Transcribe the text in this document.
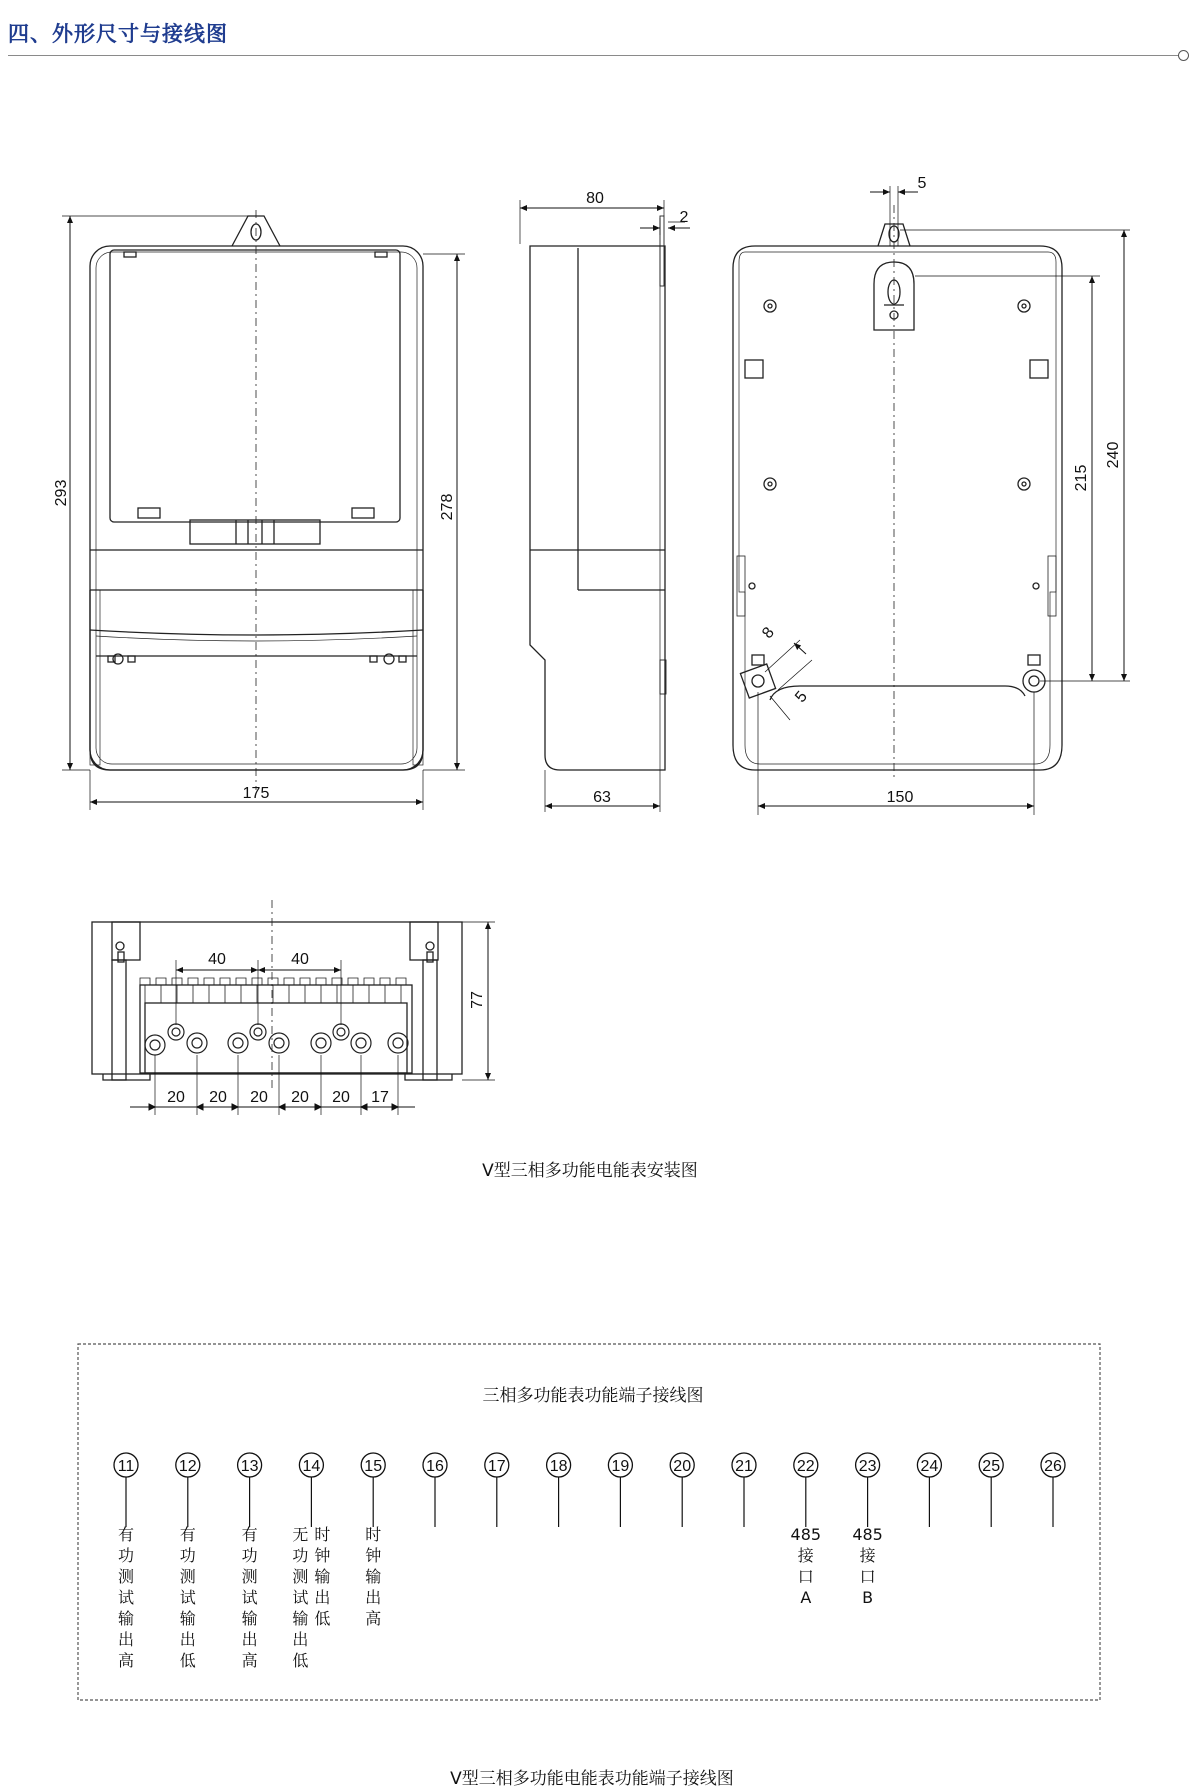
四、外形尺寸与接线图
293
278
175
80
2
63
5
240
215
150
8
5
40	40
77
20 20 20 20 20 17
V型三相多功能电能表安装图
三相多功能表功能端子接线图
11
有功测试输出高
12
有功测试输出低
13
有功测试输出高
14
无功测试输出低
时钟输出低
15
时钟输出高
16	17	18	19	20	21	22
485 接口 A
23
485 接口 B
24	25	26
V型三相多功能电能表功能端子接线图
